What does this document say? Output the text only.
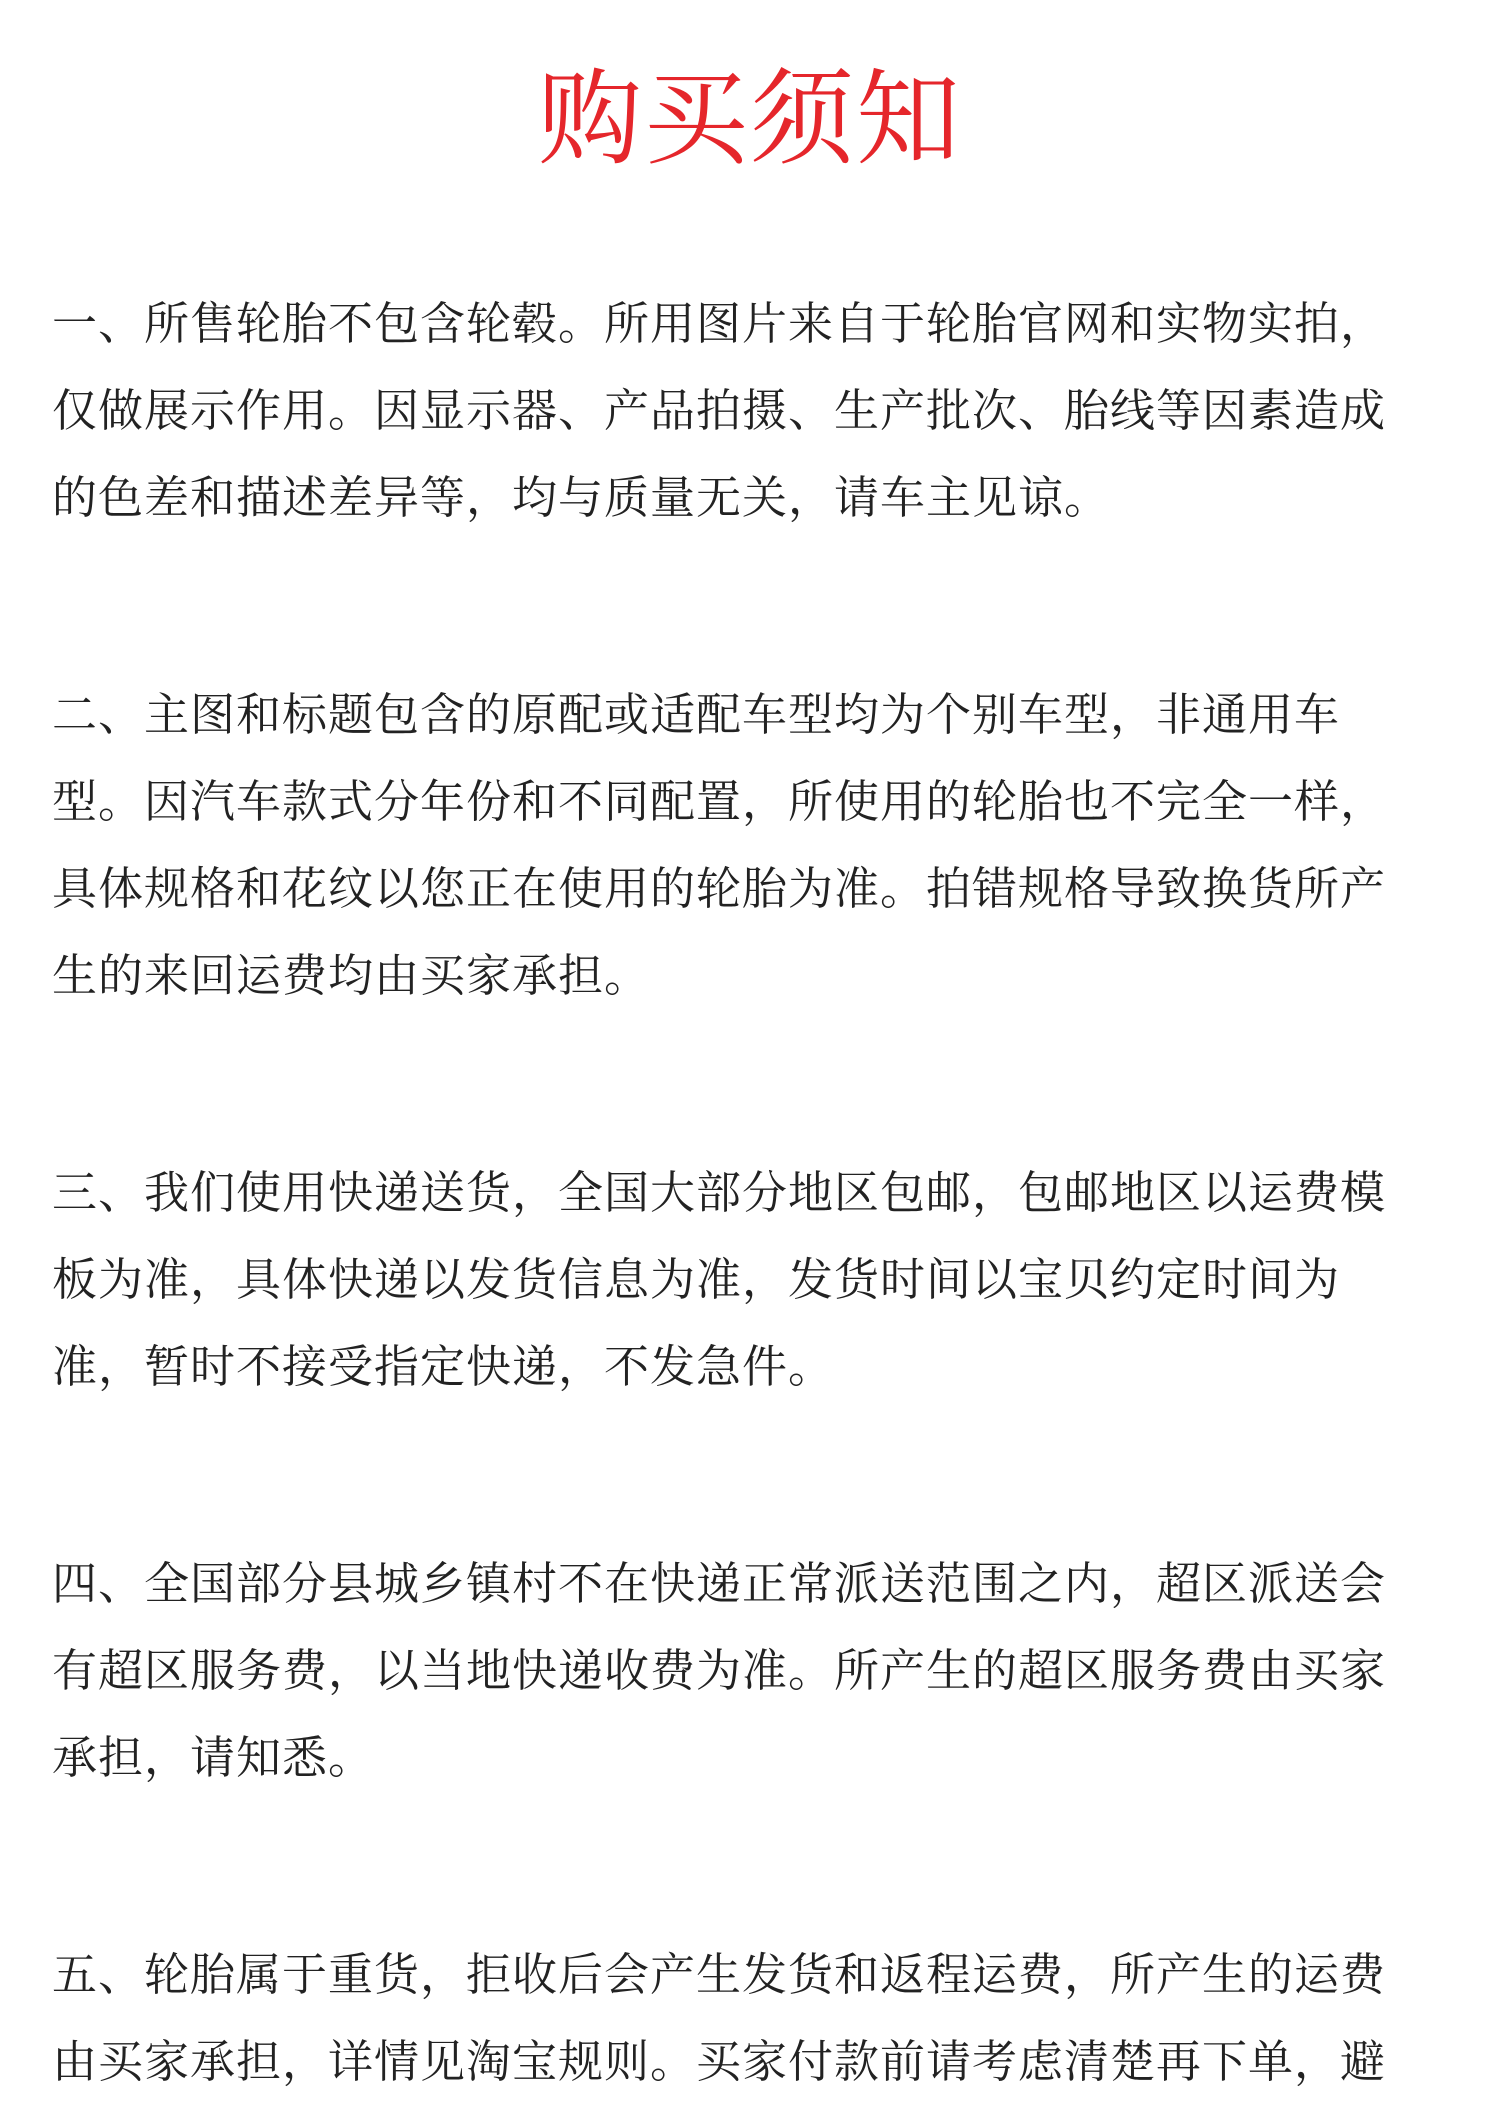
购买须知

一、所售轮胎不包含轮毂。所用图片来自于轮胎官网和实物实拍，
仅做展示作用。因显示器、产品拍摄、生产批次、胎线等因素造成
的色差和描述差异等，均与质量无关，请车主见谅。

二、主图和标题包含的原配或适配车型均为个别车型，非通用车
型。因汽车款式分年份和不同配置，所使用的轮胎也不完全一样，
具体规格和花纹以您正在使用的轮胎为准。拍错规格导致换货所产
生的来回运费均由买家承担。

三、我们使用快递送货，全国大部分地区包邮，包邮地区以运费模
板为准，具体快递以发货信息为准，发货时间以宝贝约定时间为
准，暂时不接受指定快递，不发急件。

四、全国部分县城乡镇村不在快递正常派送范围之内，超区派送会
有超区服务费，以当地快递收费为准。所产生的超区服务费由买家
承担，请知悉。

五、轮胎属于重货，拒收后会产生发货和返程运费，所产生的运费
由买家承担，详情见淘宝规则。买家付款前请考虑清楚再下单，避
